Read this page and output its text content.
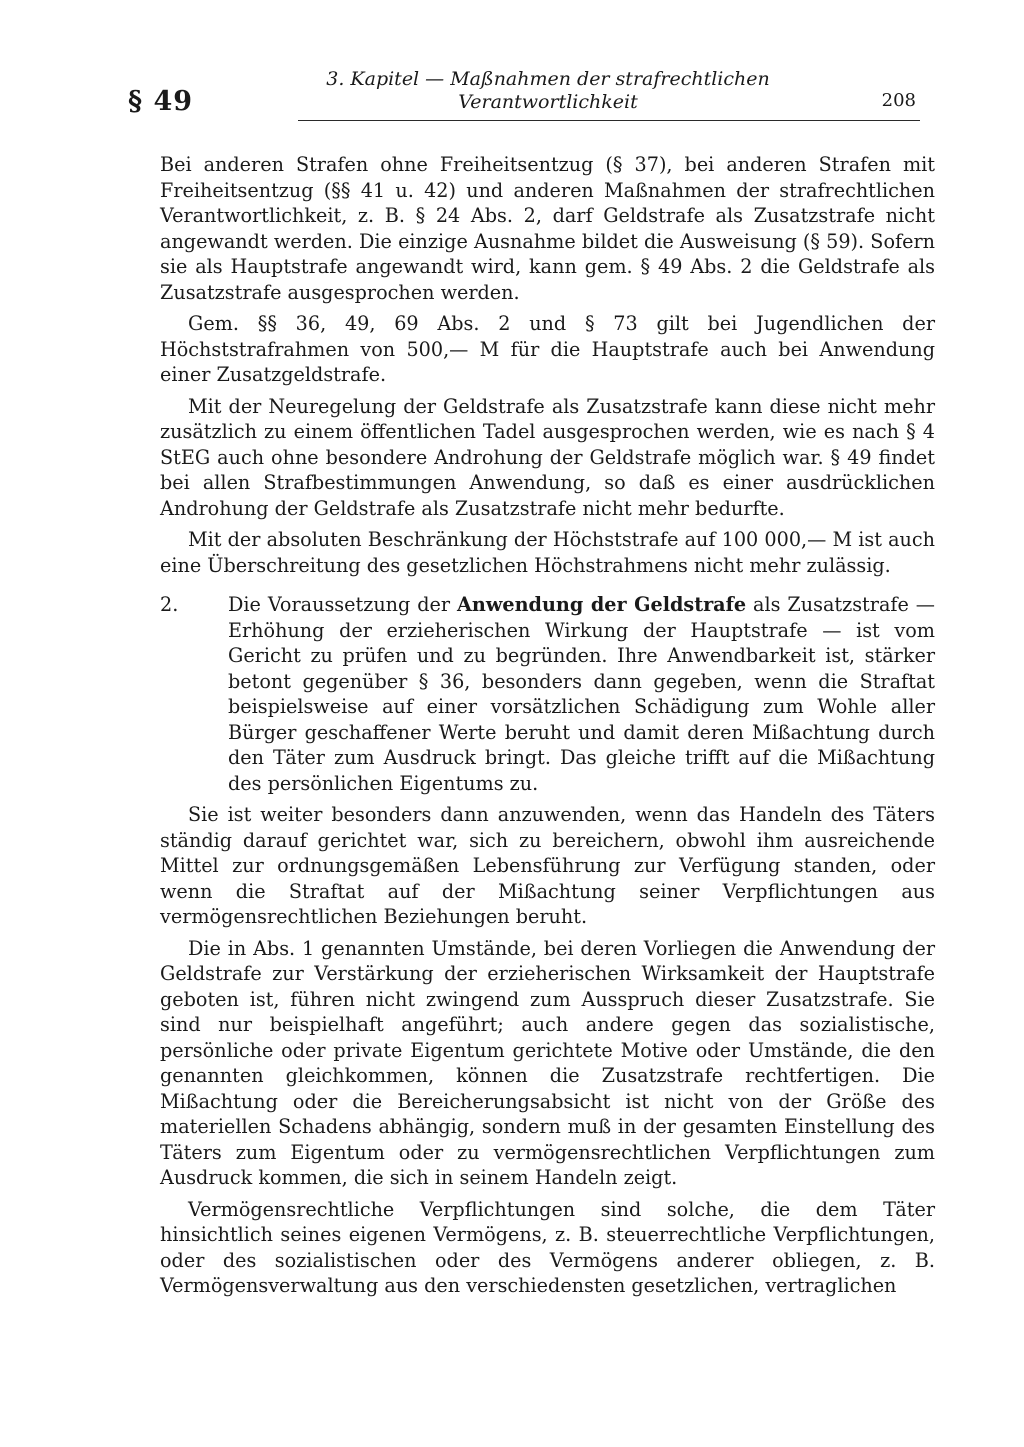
§ 49
3. Kapitel — Maßnahmen der strafrechtlichen
Verantwortlichkeit	208

Bei anderen Strafen ohne Freiheitsentzug (§ 37), bei anderen Strafen mit Freiheitsentzug (§§ 41 u. 42) und anderen Maßnahmen der strafrechtlichen Verantwortlichkeit, z. B. § 24 Abs. 2, darf Geldstrafe als Zusatzstrafe nicht angewandt werden. Die einzige Ausnahme bildet die Ausweisung (§ 59). Sofern sie als Hauptstrafe angewandt wird, kann gem. § 49 Abs. 2 die Geldstrafe als Zusatzstrafe ausgesprochen werden.

Gem. §§ 36, 49, 69 Abs. 2 und § 73 gilt bei Jugendlichen der Höchststrafrahmen von 500,— M für die Hauptstrafe auch bei Anwendung einer Zusatzgeldstrafe.

Mit der Neuregelung der Geldstrafe als Zusatzstrafe kann diese nicht mehr zusätzlich zu einem öffentlichen Tadel ausgesprochen werden, wie es nach § 4 StEG auch ohne besondere Androhung der Geldstrafe möglich war. § 49 findet bei allen Strafbestimmungen Anwendung, so daß es einer ausdrücklichen Androhung der Geldstrafe als Zusatzstrafe nicht mehr bedurfte.

Mit der absoluten Beschränkung der Höchststrafe auf 100 000,— M ist auch eine Überschreitung des gesetzlichen Höchstrahmens nicht mehr zulässig.

2.	Die Voraussetzung der Anwendung der Geldstrafe als Zusatzstrafe — Erhöhung der erzieherischen Wirkung der Hauptstrafe — ist vom Gericht zu prüfen und zu begründen. Ihre Anwendbarkeit ist, stärker betont gegenüber § 36, besonders dann gegeben, wenn die Straftat beispielsweise auf einer vorsätzlichen Schädigung zum Wohle aller Bürger geschaffener Werte beruht und damit deren Mißachtung durch den Täter zum Ausdruck bringt. Das gleiche trifft auf die Mißachtung des persönlichen Eigentums zu.

Sie ist weiter besonders dann anzuwenden, wenn das Handeln des Täters ständig darauf gerichtet war, sich zu bereichern, obwohl ihm ausreichende Mittel zur ordnungsgemäßen Lebensführung zur Verfügung standen, oder wenn die Straftat auf der Mißachtung seiner Verpflichtungen aus vermögensrechtlichen Beziehungen beruht.

Die in Abs. 1 genannten Umstände, bei deren Vorliegen die Anwendung der Geldstrafe zur Verstärkung der erzieherischen Wirksamkeit der Hauptstrafe geboten ist, führen nicht zwingend zum Ausspruch dieser Zusatzstrafe. Sie sind nur beispielhaft angeführt; auch andere gegen das sozialistische, persönliche oder private Eigentum gerichtete Motive oder Umstände, die den genannten gleichkommen, können die Zusatzstrafe rechtfertigen. Die Mißachtung oder die Bereicherungsabsicht ist nicht von der Größe des materiellen Schadens abhängig, sondern muß in der gesamten Einstellung des Täters zum Eigentum oder zu vermögensrechtlichen Verpflichtungen zum Ausdruck kommen, die sich in seinem Handeln zeigt.

Vermögensrechtliche Verpflichtungen sind solche, die dem Täter hinsichtlich seines eigenen Vermögens, z. B. steuerrechtliche Verpflichtungen, oder des sozialistischen oder des Vermögens anderer obliegen, z. B. Vermögensverwaltung aus den verschiedensten gesetzlichen, vertraglichen
